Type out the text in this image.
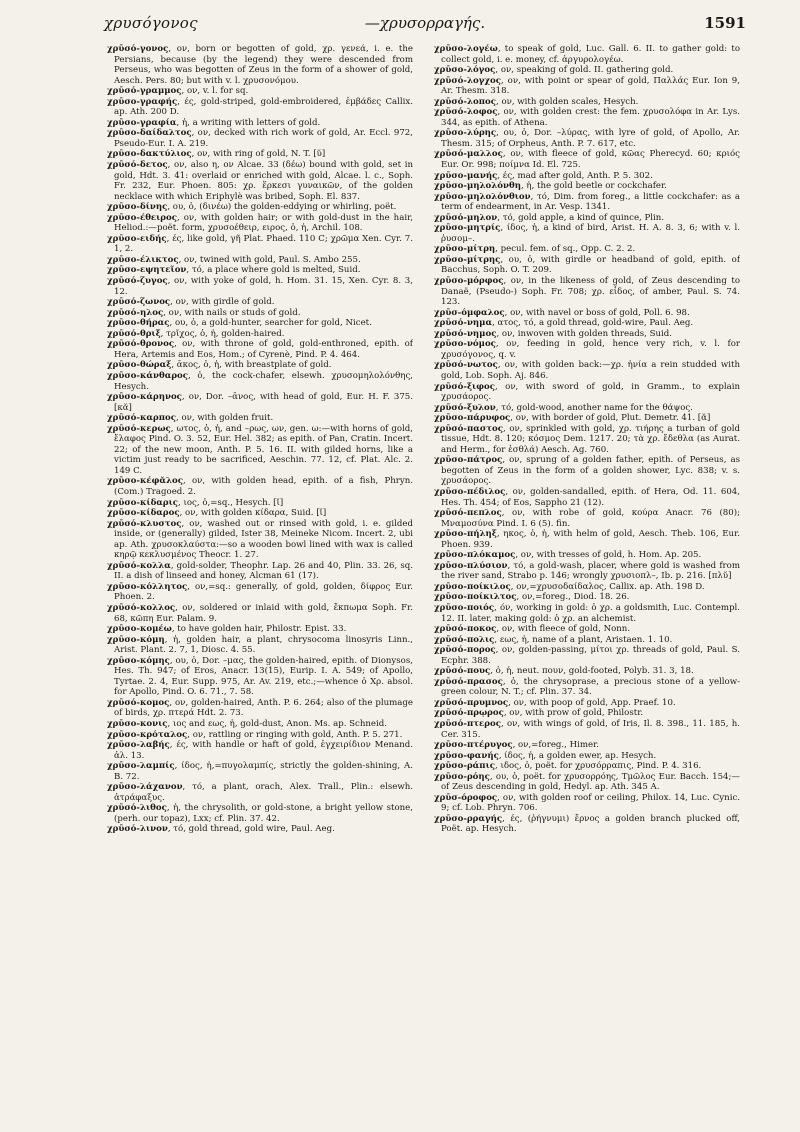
χρυσόγονος	—χρυσορραγής.	1591
χρῡσό-γονος, ον, born or begotten of gold, χρ. γενεά, i. e. the Persians, because (by the legend) they were descended from Perseus, who was begotten of Zeus in the form of a shower of gold, Aesch. Pers. 80; but with v. l. χρυσονόμου.
χρῡσό-γραμμος, ον, v. l. for sq.
χρῡσο-γραφής, ές, gold-striped, gold-embroidered, ἐμβάδες Callix. ap. Ath. 200 D.
χρῡσο-γραφία, ἡ, a writing with letters of gold.
χρῡσο-δαίδαλτος, ον, decked with rich work of gold, Ar. Eccl. 972, Pseudo-Eur. I. A. 219.
χρῡσο-δακτύλιος, ον, with ring of gold, N. T. [ῠ]
χρῡσό-δετος, ον, also η, ον Alcae. 33 (δέω) bound with gold, set in gold, Hdt. 3. 41: overlaid or enriched with gold, Alcae. l. c., Soph. Fr. 232, Eur. Phoen. 805: χρ. ἕρκεσι γυναικῶν, of the golden necklace with which Eriphylè was bribed, Soph. El. 837.
χρῡσο-δίνης, ου, ὁ, (δινέω) the golden-eddying or whirling, poët.
χρῡσο-έθειρος, ον, with golden hair; or with gold-dust in the hair, Heliod.:—poët. form, χρυσοέθειρ, ειρος, ὁ, ἡ, Archil. 108.
χρῡσο-ειδής, ές, like gold, γῆ Plat. Phaed. 110 C; χρῶμα Xen. Cyr. 7. 1, 2.
χρῡσο-έλικτος, ον, twined with gold, Paul. S. Ambo 255.
χρῡσο-εψητεῖον, τό, a place where gold is melted, Suid.
χρῡσό-ζυγος, ον, with yoke of gold, h. Hom. 31. 15, Xen. Cyr. 8. 3, 12.
χρῡσό-ζωνος, ον, with girdle of gold.
χρῡσό-ηλος, ον, with nails or studs of gold.
χρῡσο-θήρας, ου, ὁ, a gold-hunter, searcher for gold, Nicet.
χρῡσό-θριξ, τρῐχος, ὁ, ἡ, golden-haired.
χρῡσό-θρονος, ον, with throne of gold, gold-enthroned, epith. of Hera, Artemis and Eos, Hom.; of Cyrenè, Pind. P. 4. 464.
χρῡσο-θώραξ, ᾱκος, ὁ, ἡ, with breastplate of gold.
χρῡσο-κάνθαρος, ὁ, the cock-chafer, elsewh. χρυσομηλολόνθης, Hesych.
χρῡσο-κάρηνος, ον, Dor. –ᾱνος, with head of gold, Eur. H. F. 375. [κᾰ]
χρῡσό-καρπος, ον, with golden fruit.
χρῡσό-κερως, ωτος, ὁ, ἡ, and –ρως, ων, gen. ω:—with horns of gold, ἔλαφος Pind. O. 3. 52, Eur. Hel. 382; as epith. of Pan, Cratin. Incert. 22; of the new moon, Anth. P. 5. 16. II. with gilded horns, like a victim just ready to be sacrificed, Aeschin. 77. 12, cf. Plat. Alc. 2. 149 C.
χρῡσο-κέφᾰλος, ον, with golden head, epith. of a fish, Phryn. (Com.) Tragoed. 2.
χρῡσο-κίδαρις, ιος, ὁ,=sq., Hesych. [ῐ]
χρῡσο-κίδαρος, ον, with golden κίδαρα, Suid. [ῐ]
χρῡσό-κλυστος, ον, washed out or rinsed with gold, i. e. gilded inside, or (generally) gilded, Ister 38, Meineke Nicom. Incert. 2, ubi ap. Ath. χρυσοκλαύστα:—so a wooden bowl lined with wax is called κηρῷ κεκλυσμένος Theocr. 1. 27.
χρῡσό-κολλα, gold-solder, Theophr. Lap. 26 and 40, Plin. 33. 26, sq. II. a dish of linseed and honey, Alcman 61 (17).
χρῡσο-κόλλητος, ον,=sq.: generally, of gold, golden, δίφρος Eur. Phoen. 2.
χρῡσό-κολλος, ον, soldered or inlaid with gold, ἔκπωμα Soph. Fr. 68, κῶπη Eur. Palam. 9.
χρῡσο-κομέω, to have golden hair, Philostr. Epist. 33.
χρῡσο-κόμη, ἡ, golden hair, a plant, chrysocoma linosyris Linn., Arist. Plant. 2. 7, 1, Diosc. 4. 55.
χρῡσο-κόμης, ου, ὁ, Dor. –μας, the golden-haired, epith. of Dionysos, Hes. Th. 947; of Eros, Anacr. 13(15), Eurip. I. A. 549; of Apollo, Tyrtae. 2. 4, Eur. Supp. 975, Ar. Av. 219, etc.;—whence ὁ Χρ. absol. for Apollo, Pind. O. 6. 71., 7. 58.
χρῡσό-κομος, ον, golden-haired, Anth. P. 6. 264; also of the plumage of birds, χρ. πτερά Hdt. 2. 73.
χρῡσο-κονις, ιος and εως, ἡ, gold-dust, Anon. Ms. ap. Schneid.
χρῡσο-κρόταλος, ον, rattling or ringing with gold, Anth. P. 5. 271.
χρῡσο-λαβής, ές, with handle or haft of gold, ἐγχειρίδιον Menand. ἀλ. 13.
χρῡσο-λαμπίς, ίδος, ἡ,=πυγολαμπίς, strictly the golden-shining, A. B. 72.
χρῡσο-λάχανον, τό, a plant, orach, Alex. Trall., Plin.: elsewh. ἀτράφαξυς.
χρῡσό-λιθος, ἡ, the chrysolith, or gold-stone, a bright yellow stone, (perh. our topaz), Lxx; cf. Plin. 37. 42.
χρῡσό-λινον, τό, gold thread, gold wire, Paul. Aeg.
χρῡσο-λογέω, to speak of gold, Luc. Gall. 6. II. to gather gold: to collect gold, i. e. money, cf. ἀργυρολογέω.
χρῡσο-λόγος, ον, speaking of gold. II. gathering gold.
χρῡσό-λογχος, ον, with point or spear of gold, Παλλάς Eur. Ion 9, Ar. Thesm. 318.
χρῡσό-λοπος, ον, with golden scales, Hesych.
χρῡσό-λοφος, ον, with golden crest: the fem. χρυσολόφα in Ar. Lys. 344, as epith. of Athena.
χρῡσο-λύρης, ου, ὁ, Dor. –λύρας, with lyre of gold, of Apollo, Ar. Thesm. 315; of Orpheus, Anth. P. 7. 617, etc.
χρῡσό-μαλλος, ον, with fleece of gold, κῶας Pherecyd. 60; κριός Eur. Or. 998; ποίμνα Id. El. 725.
χρῡσο-μανής, ές, mad after gold, Anth. P. 5. 302.
χρῡσο-μηλολόνθη, ἡ, the gold beetle or cockchafer.
χρῡσο-μηλολόνθιον, τό, Dim. from foreg., a little cockchafer: as a term of endearment, in Ar. Vesp. 1341.
χρῡσό-μηλον, τό, gold apple, a kind of quince, Plin.
χρῡσο-μητρίς, ίδος, ἡ, a kind of bird, Arist. H. A. 8. 3, 6; with v. l. ῥυσομ–.
χρῡσο-μίτρη, pecul. fem. of sq., Opp. C. 2. 2.
χρῡσο-μίτρης, ου, ὁ, with girdle or headband of gold, epith. of Bacchus, Soph. O. T. 209.
χρῡσο-μόρφος, ον, in the likeness of gold, of Zeus descending to Danaë, (Pseudo-) Soph. Fr. 708; χρ. εἶδος, of amber, Paul. S. 74. 123.
χρῡσ-όμφαλος, ον, with navel or boss of gold, Poll. 6. 98.
χρῡσό-νημα, ατος, τό, a gold thread, gold-wire, Paul. Aeg.
χρῡσό-νημος, ον, inwoven with golden threads, Suid.
χρῡσο-νόμος, ον, feeding in gold, hence very rich, v. l. for χρυσόγονος, q. v.
χρῡσό-νωτος, ον, with golden back:—χρ. ἡνία a rein studded with gold, Lob. Soph. Aj. 846.
χρῡσό-ξιφος, ον, with sword of gold, in Gramm., to explain χρυσάορος.
χρῡσό-ξυλον, τό, gold-wood, another name for the θάψος.
χρῡσο-πάρυφος, ον, with border of gold, Plut. Demetr. 41. [ᾰ]
χρῡσό-παστος, ον, sprinkled with gold, χρ. τιήρης a turban of gold tissue, Hdt. 8. 120; κόσμος Dem. 1217. 20; τὰ χρ. ἔδεθλα (as Aurat. and Herm., for ἑσθλά) Aesch. Ag. 760.
χρῡσο-πάτρος, ον, sprung of a golden father, epith. of Perseus, as begotten of Zeus in the form of a golden shower, Lyc. 838; v. s. χρυσάορος.
χρῡσο-πέδιλος, ον, golden-sandalled, epith. of Hera, Od. 11. 604, Hes. Th. 454; of Eos, Sappho 21 (12).
χρῡσό-πεπλος, ον, with robe of gold, κούρα Anacr. 76 (80); Μναμοσύνα Pind. I. 6 (5). fin.
χρῡσο-πήληξ, ηκος, ὁ, ἡ, with helm of gold, Aesch. Theb. 106, Eur. Phoen. 939.
χρῡσο-πλόκαμος, ον, with tresses of gold, h. Hom. Ap. 205.
χρῡσο-πλύσιον, τό, a gold-wash, placer, where gold is washed from the river sand, Strabo p. 146; wrongly χρυσιοπλ–, Ib. p. 216. [πλῠ]
χρῡσο-ποίκιλος, ον,=χρυσοδαίδαλος, Callix. ap. Ath. 198 D.
χρῡσο-ποίκιλτος, ον,=foreg., Diod. 18. 26.
χρῡσο-ποιός, όν, working in gold: ὁ χρ. a goldsmith, Luc. Contempl. 12. II. later, making gold: ὁ χρ. an alchemist.
χρῡσό-ποκος, ον, with fleece of gold, Nonn.
χρῡσό-πολις, εως, ἡ, name of a plant, Aristaen. 1. 10.
χρῡσό-πορος, ον, golden-passing, μίτοι χρ. threads of gold, Paul. S. Ecphr. 388.
χρῡσό-πους, ὁ, ἡ, neut. πουν, gold-footed, Polyb. 31. 3, 18.
χρῡσό-πρασος, ὁ, the chrysoprase, a precious stone of a yellow-green colour, N. T.; cf. Plin. 37. 34.
χρῡσό-πρυμνος, ον, with poop of gold, App. Praef. 10.
χρῡσό-πρῳρος, ον, with prow of gold, Philostr.
χρῡσό-πτερος, ον, with wings of gold, of Iris, Il. 8. 398., 11. 185, h. Cer. 315.
χρῡσο-πτέρυγος, ον,=foreg., Himer.
χρῡσο-φανής, ίδος, ἡ, a golden ewer, ap. Hesych.
χρῡσο-ράπις, ιδος, ὁ, poët. for χρυσόρραπις, Pind. P. 4. 316.
χρῡσο-ρόης, ου, ὁ, poët. for χρυσορρόης, Τμῶλος Eur. Bacch. 154;—of Zeus descending in gold, Hedyl. ap. Ath. 345 A.
χρῡσ-όροφος, ον, with golden roof or ceiling, Philox. 14, Luc. Cynic. 9; cf. Lob. Phryn. 706.
χρῡσο-ρραγής, ές, (ῥήγνυμι) ἔρνος a golden branch plucked off, Poët. ap. Hesych.
